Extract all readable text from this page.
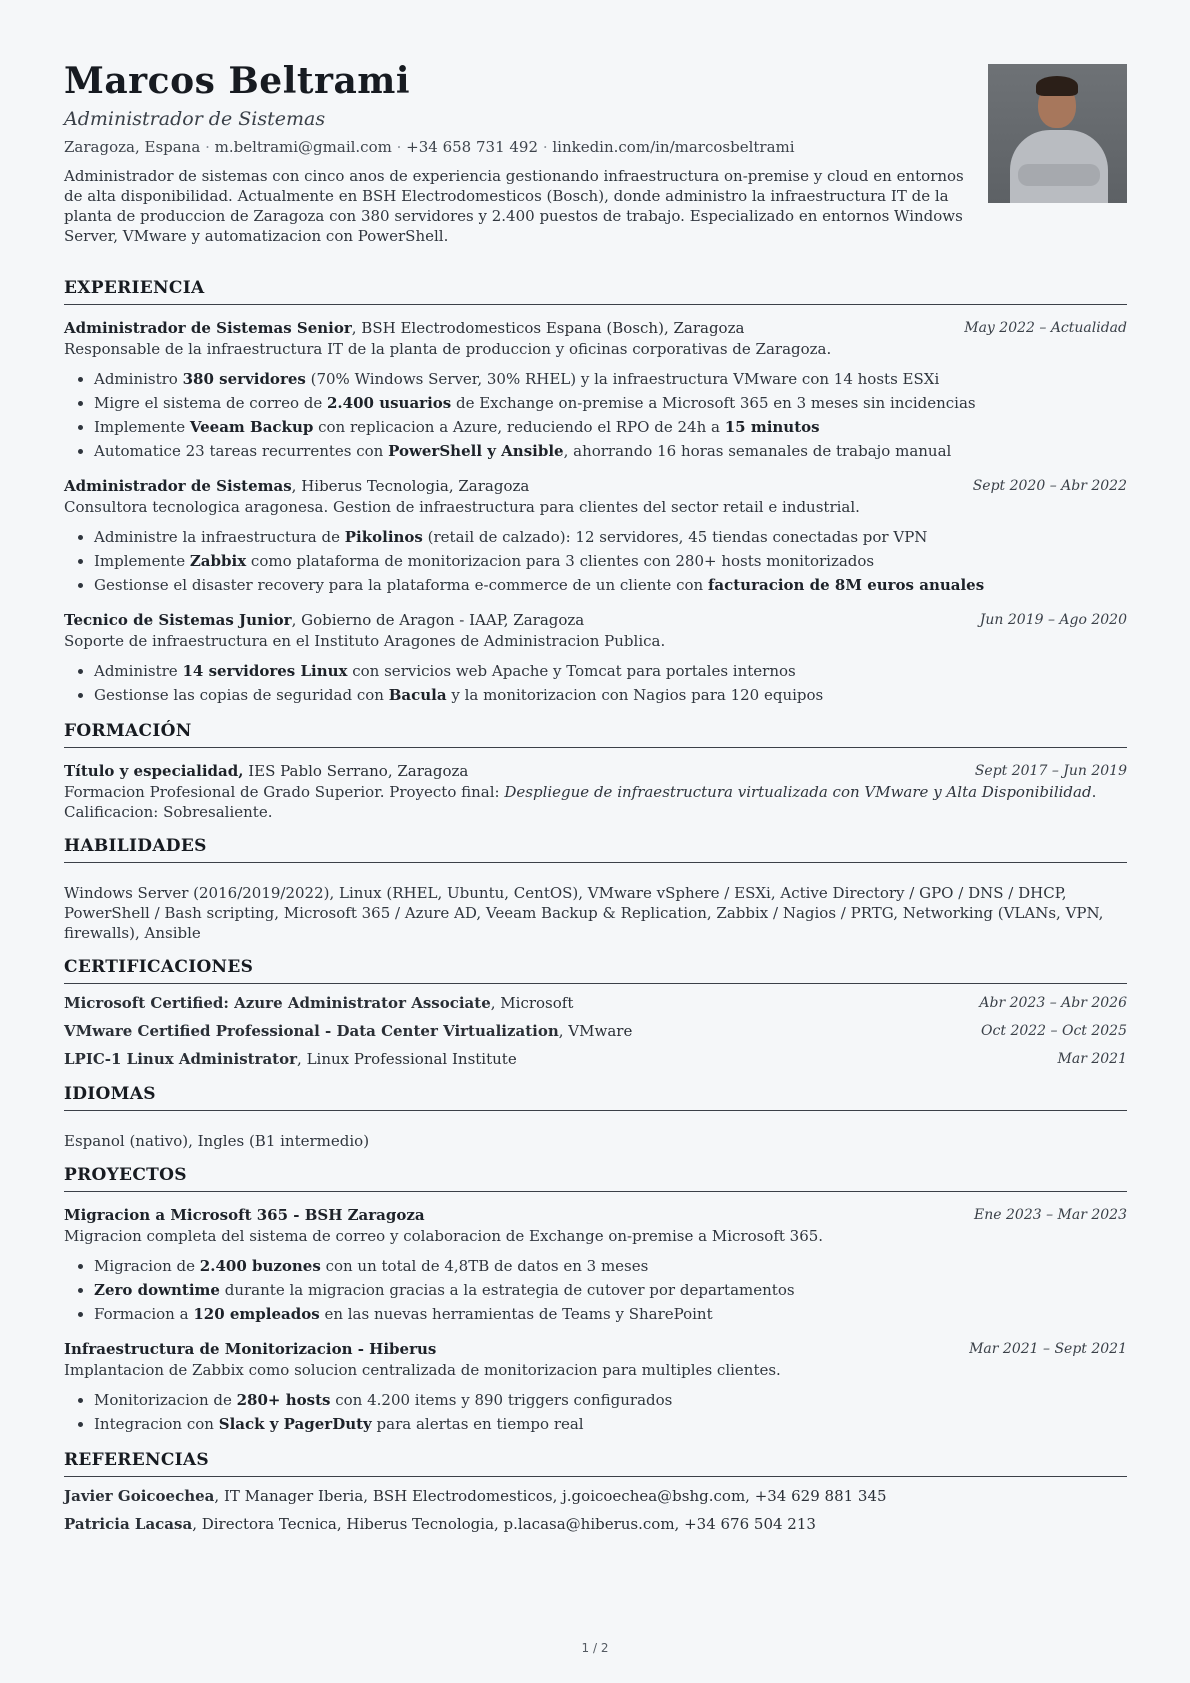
Marcos Beltrami
Administrador de Sistemas
Zaragoza, Espana · m.beltrami@gmail.com · +34 658 731 492 · linkedin.com/in/marcosbeltrami
Administrador de sistemas con cinco anos de experiencia gestionando infraestructura on-premise y cloud en entornos de alta disponibilidad. Actualmente en BSH Electrodomesticos (Bosch), donde administro la infraestructura IT de la planta de produccion de Zaragoza con 380 servidores y 2.400 puestos de trabajo. Especializado en entornos Windows Server, VMware y automatizacion con PowerShell.
EXPERIENCIA
Administrador de Sistemas Senior, BSH Electrodomesticos Espana (Bosch), Zaragoza	May 2022 – Actualidad
Responsable de la infraestructura IT de la planta de produccion y oficinas corporativas de Zaragoza.
• Administro 380 servidores (70% Windows Server, 30% RHEL) y la infraestructura VMware con 14 hosts ESXi
• Migre el sistema de correo de 2.400 usuarios de Exchange on-premise a Microsoft 365 en 3 meses sin incidencias
• Implemente Veeam Backup con replicacion a Azure, reduciendo el RPO de 24h a 15 minutos
• Automatice 23 tareas recurrentes con PowerShell y Ansible, ahorrando 16 horas semanales de trabajo manual
Administrador de Sistemas, Hiberus Tecnologia, Zaragoza	Sept 2020 – Abr 2022
Consultora tecnologica aragonesa. Gestion de infraestructura para clientes del sector retail e industrial.
• Administre la infraestructura de Pikolinos (retail de calzado): 12 servidores, 45 tiendas conectadas por VPN
• Implemente Zabbix como plataforma de monitorizacion para 3 clientes con 280+ hosts monitorizados
• Gestionse el disaster recovery para la plataforma e-commerce de un cliente con facturacion de 8M euros anuales
Tecnico de Sistemas Junior, Gobierno de Aragon - IAAP, Zaragoza	Jun 2019 – Ago 2020
Soporte de infraestructura en el Instituto Aragones de Administracion Publica.
• Administre 14 servidores Linux con servicios web Apache y Tomcat para portales internos
• Gestionse las copias de seguridad con Bacula y la monitorizacion con Nagios para 120 equipos
FORMACIÓN
Título y especialidad, IES Pablo Serrano, Zaragoza	Sept 2017 – Jun 2019
Formacion Profesional de Grado Superior. Proyecto final: Despliegue de infraestructura virtualizada con VMware y Alta Disponibilidad. Calificacion: Sobresaliente.
HABILIDADES
Windows Server (2016/2019/2022), Linux (RHEL, Ubuntu, CentOS), VMware vSphere / ESXi, Active Directory / GPO / DNS / DHCP, PowerShell / Bash scripting, Microsoft 365 / Azure AD, Veeam Backup & Replication, Zabbix / Nagios / PRTG, Networking (VLANs, VPN, firewalls), Ansible
CERTIFICACIONES
Microsoft Certified: Azure Administrator Associate, Microsoft	Abr 2023 – Abr 2026
VMware Certified Professional - Data Center Virtualization, VMware	Oct 2022 – Oct 2025
LPIC-1 Linux Administrator, Linux Professional Institute	Mar 2021
IDIOMAS
Espanol (nativo), Ingles (B1 intermedio)
PROYECTOS
Migracion a Microsoft 365 - BSH Zaragoza	Ene 2023 – Mar 2023
Migracion completa del sistema de correo y colaboracion de Exchange on-premise a Microsoft 365.
• Migracion de 2.400 buzones con un total de 4,8TB de datos en 3 meses
• Zero downtime durante la migracion gracias a la estrategia de cutover por departamentos
• Formacion a 120 empleados en las nuevas herramientas de Teams y SharePoint
Infraestructura de Monitorizacion - Hiberus	Mar 2021 – Sept 2021
Implantacion de Zabbix como solucion centralizada de monitorizacion para multiples clientes.
• Monitorizacion de 280+ hosts con 4.200 items y 890 triggers configurados
• Integracion con Slack y PagerDuty para alertas en tiempo real
REFERENCIAS
Javier Goicoechea, IT Manager Iberia, BSH Electrodomesticos, j.goicoechea@bshg.com, +34 629 881 345
Patricia Lacasa, Directora Tecnica, Hiberus Tecnologia, p.lacasa@hiberus.com, +34 676 504 213
1 / 2
